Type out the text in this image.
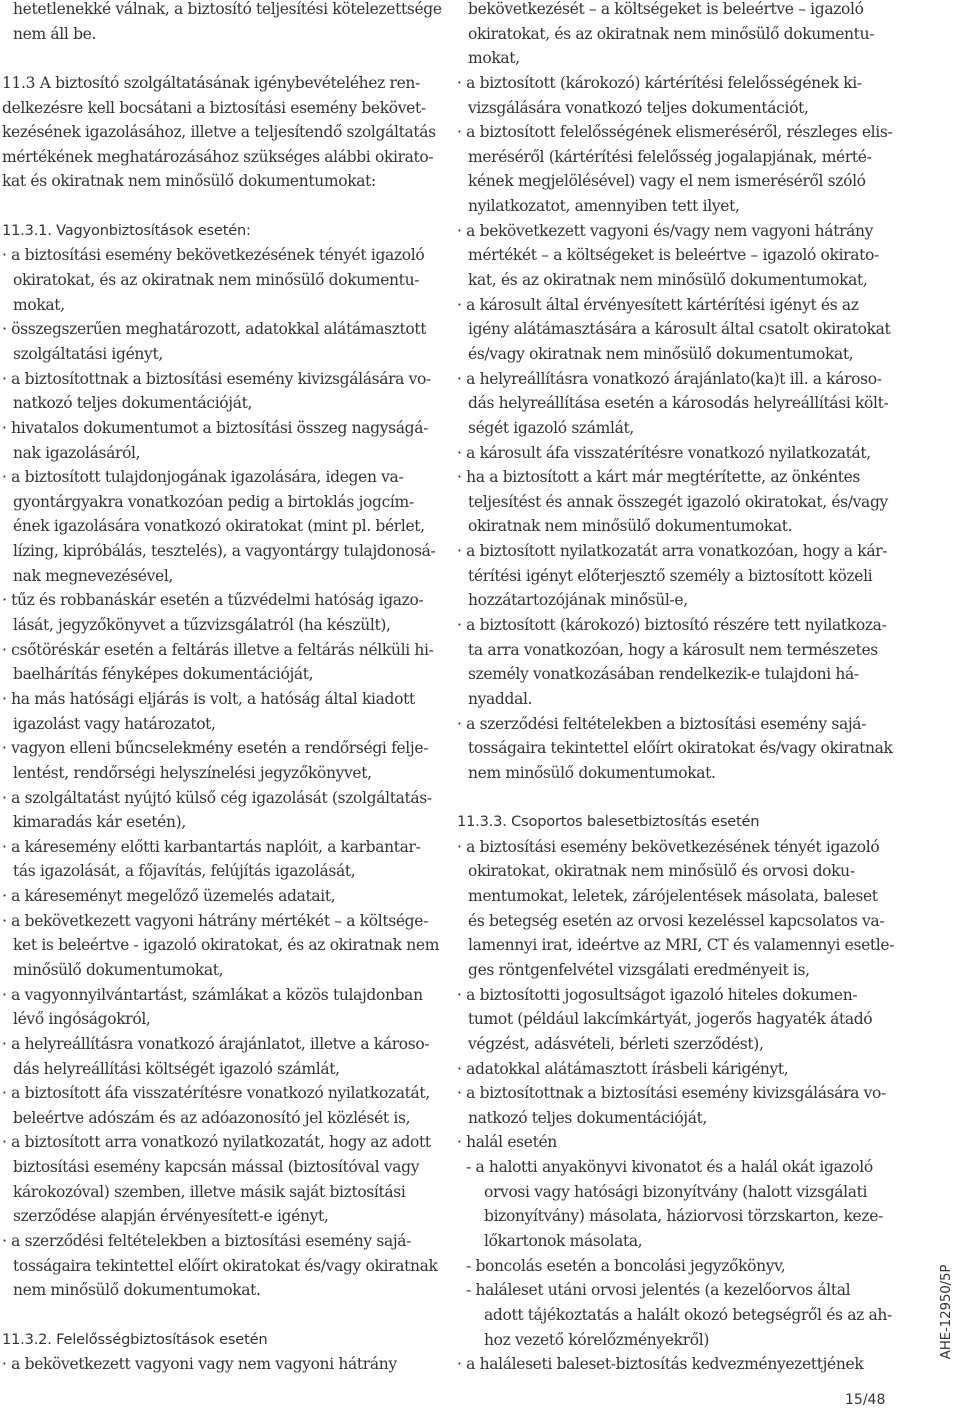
hetetlenekké válnak, a biztosító teljesítési kötelezettsége
nem áll be.
11.3 A biztosító szolgáltatásának igénybevételéhez ren-
delkezésre kell bocsátani a biztosítási esemény bekövet-
kezésének igazolásához, illetve a teljesítendő szolgáltatás
mértékének meghatározásához szükséges alábbi okirato-
kat és okiratnak nem minősülő dokumentumokat:
11.3.1. Vagyonbiztosítások esetén:
· a biztosítási esemény bekövetkezésének tényét igazoló
okiratokat, és az okiratnak nem minősülő dokumentu-
mokat,
· összegszerűen meghatározott, adatokkal alátámasztott
szolgáltatási igényt,
· a biztosítottnak a biztosítási esemény kivizsgálására vo-
natkozó teljes dokumentációját,
· hivatalos dokumentumot a biztosítási összeg nagyságá-
nak igazolásáról,
· a biztosított tulajdonjogának igazolására, idegen va-
gyontárgyakra vonatkozóan pedig a birtoklás jogcím-
ének igazolására vonatkozó okiratokat (mint pl. bérlet,
lízing, kipróbálás, tesztelés), a vagyontárgy tulajdonosá-
nak megnevezésével,
· tűz és robbanáskár esetén a tűzvédelmi hatóság igazo-
lását, jegyzőkönyvet a tűzvizsgálatról (ha készült),
· csőtöréskár esetén a feltárás illetve a feltárás nélküli hi-
baelhárítás fényképes dokumentációját,
· ha más hatósági eljárás is volt, a hatóság által kiadott
igazolást vagy határozatot,
· vagyon elleni bűncselekmény esetén a rendőrségi felje-
lentést, rendőrségi helyszínelési jegyzőkönyvet,
· a szolgáltatást nyújtó külső cég igazolását (szolgáltatás-
kimaradás kár esetén),
· a káresemény előtti karbantartás naplóit, a karbantar-
tás igazolását, a főjavítás, felújítás igazolását,
· a káreseményt megelőző üzemelés adatait,
· a bekövetkezett vagyoni hátrány mértékét – a költsége-
ket is beleértve - igazoló okiratokat, és az okiratnak nem
minősülő dokumentumokat,
· a vagyonnyilvántartást, számlákat a közös tulajdonban
lévő ingóságokról,
· a helyreállításra vonatkozó árajánlatot, illetve a károso-
dás helyreállítási költségét igazoló számlát,
· a biztosított áfa visszatérítésre vonatkozó nyilatkozatát,
beleértve adószám és az adóazonosító jel közlését is,
· a biztosított arra vonatkozó nyilatkozatát, hogy az adott
biztosítási esemény kapcsán mással (biztosítóval vagy
károkozóval) szemben, illetve másik saját biztosítási
szerződése alapján érvényesített-e igényt,
· a szerződési feltételekben a biztosítási esemény sajá-
tosságaira tekintettel előírt okiratokat és/vagy okiratnak
nem minősülő dokumentumokat.
11.3.2. Felelősségbiztosítások esetén
· a bekövetkezett vagyoni vagy nem vagyoni hátrány
bekövetkezését – a költségeket is beleértve – igazoló
okiratokat, és az okiratnak nem minősülő dokumentu-
mokat,
· a biztosított (károkozó) kártérítési felelősségének ki-
vizsgálására vonatkozó teljes dokumentációt,
· a biztosított felelősségének elismeréséről, részleges elis-
meréséről (kártérítési felelősség jogalapjának, mérté-
kének megjelölésével) vagy el nem ismeréséről szóló
nyilatkozatot, amennyiben tett ilyet,
· a bekövetkezett vagyoni és/vagy nem vagyoni hátrány
mértékét – a költségeket is beleértve – igazoló okirato-
kat, és az okiratnak nem minősülő dokumentumokat,
· a károsult által érvényesített kártérítési igényt és az
igény alátámasztására a károsult által csatolt okiratokat
és/vagy okiratnak nem minősülő dokumentumokat,
· a helyreállításra vonatkozó árajánlato(ka)t ill. a károso-
dás helyreállítása esetén a károsodás helyreállítási költ-
ségét igazoló számlát,
· a károsult áfa visszatérítésre vonatkozó nyilatkozatát,
· ha a biztosított a kárt már megtérítette, az önkéntes
teljesítést és annak összegét igazoló okiratokat, és/vagy
okiratnak nem minősülő dokumentumokat.
· a biztosított nyilatkozatát arra vonatkozóan, hogy a kár-
térítési igényt előterjesztő személy a biztosított közeli
hozzátartozójának minősül-e,
· a biztosított (károkozó) biztosító részére tett nyilatkoza-
ta arra vonatkozóan, hogy a károsult nem természetes
személy vonatkozásában rendelkezik-e tulajdoni há-
nyaddal.
· a szerződési feltételekben a biztosítási esemény sajá-
tosságaira tekintettel előírt okiratokat és/vagy okiratnak
nem minősülő dokumentumokat.
11.3.3. Csoportos balesetbiztosítás esetén
· a biztosítási esemény bekövetkezésének tényét igazoló
okiratokat, okiratnak nem minősülő és orvosi doku-
mentumokat, leletek, zárójelentések másolata, baleset
és betegség esetén az orvosi kezeléssel kapcsolatos va-
lamennyi irat, ideértve az MRI, CT és valamennyi esetle-
ges röntgenfelvétel vizsgálati eredményeit is,
· a biztosítotti jogosultságot igazoló hiteles dokumen-
tumot (például lakcímkártyát, jogerős hagyaték átadó
végzést, adásvételi, bérleti szerződést),
· adatokkal alátámasztott írásbeli kárigényt,
· a biztosítottnak a biztosítási esemény kivizsgálására vo-
natkozó teljes dokumentációját,
· halál esetén
- a halotti anyakönyvi kivonatot és a halál okát igazoló
orvosi vagy hatósági bizonyítvány (halott vizsgálati
bizonyítvány) másolata, háziorvosi törzskarton, keze-
lőkartonok másolata,
- boncolás esetén a boncolási jegyzőkönyv,
- haláleset utáni orvosi jelentés (a kezelőorvos által
adott tájékoztatás a halált okozó betegségről és az ah-
hoz vezető kórelőzményekről)
· a haláleseti baleset-biztosítás kedvezményezettjének
AHE-12950/5P
15/48
